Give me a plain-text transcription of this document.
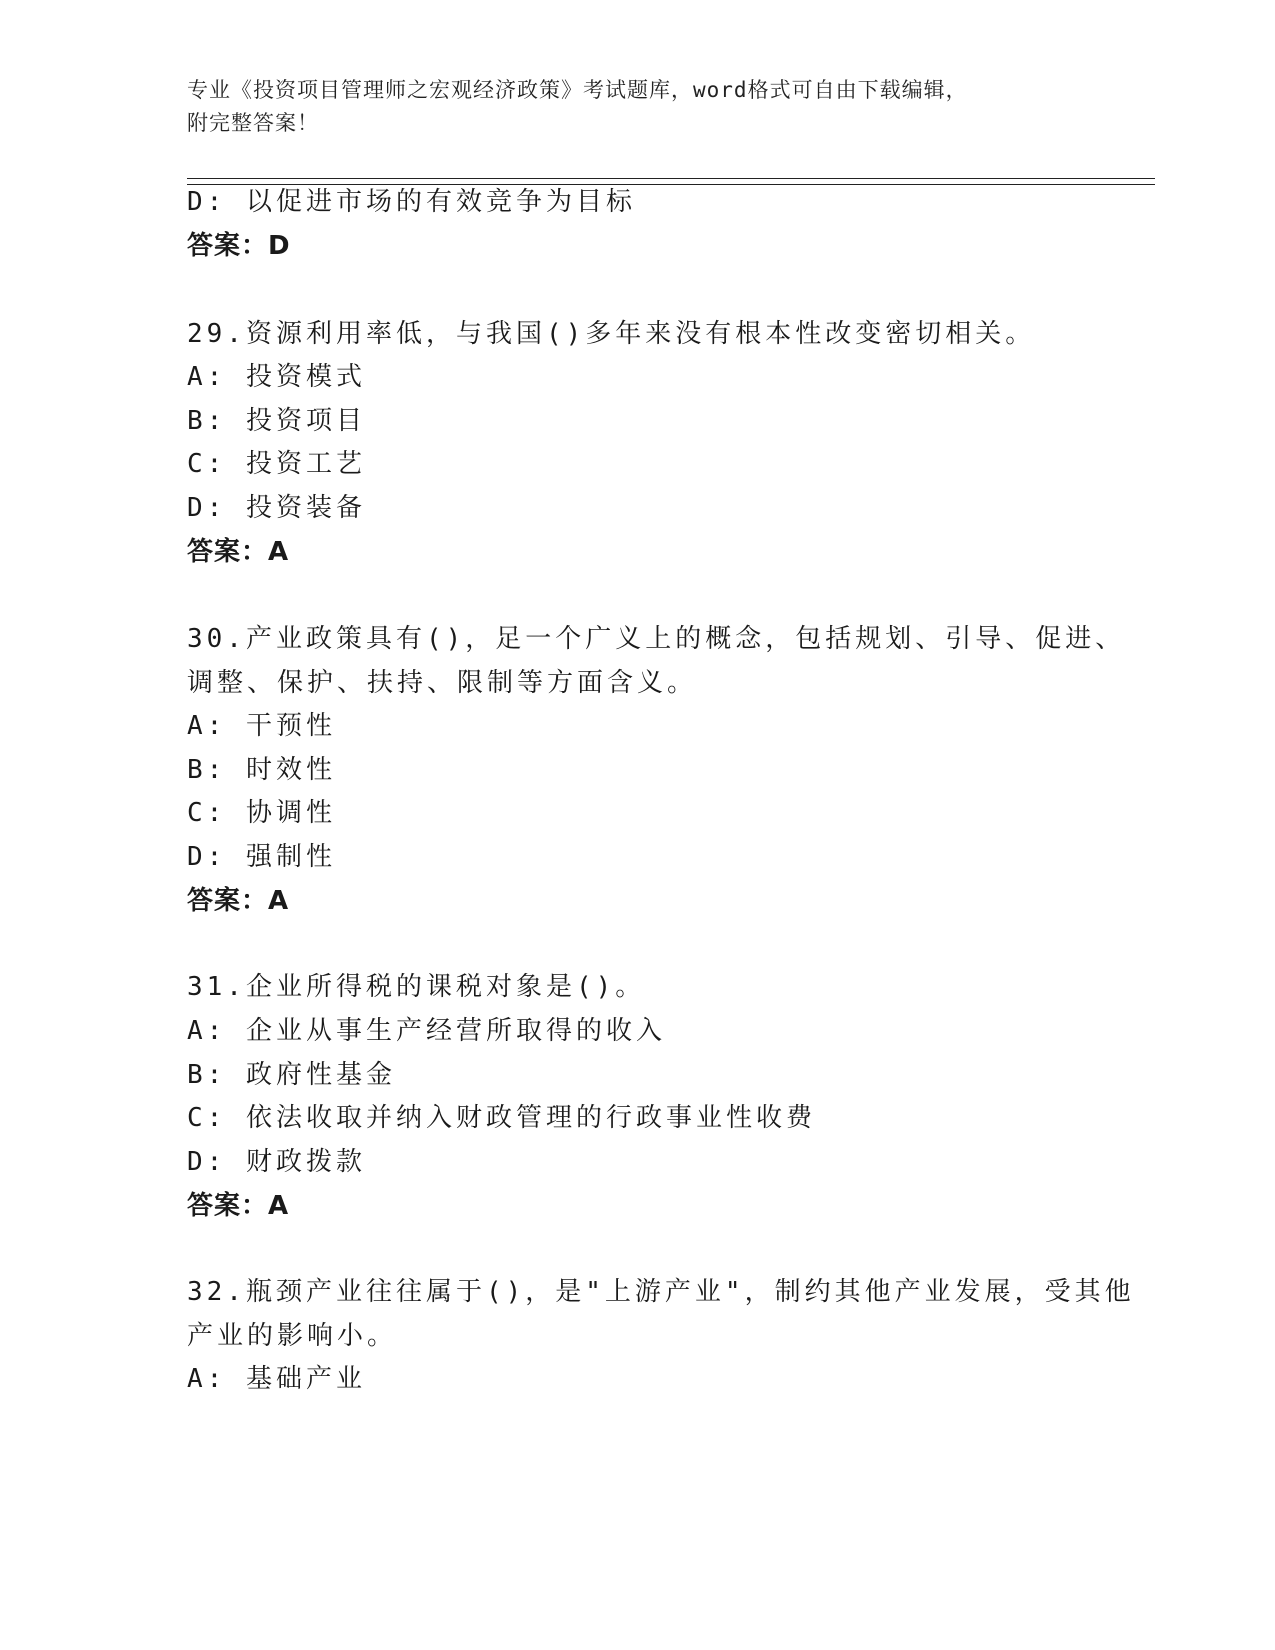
专业《投资项目管理师之宏观经济政策》考试题库，word格式可自由下载编辑，
附完整答案！
D: 以促进市场的有效竞争为目标
答案：D
29.资源利用率低，与我国()多年来没有根本性改变密切相关。
A: 投资模式
B: 投资项目
C: 投资工艺
D: 投资装备
答案：A
30.产业政策具有()，足一个广义上的概念，包括规划、引导、促进、
调整、保护、扶持、限制等方面含义。
A: 干预性
B: 时效性
C: 协调性
D: 强制性
答案：A
31.企业所得税的课税对象是()。
A: 企业从事生产经营所取得的收入
B: 政府性基金
C: 依法收取并纳入财政管理的行政事业性收费
D: 财政拨款
答案：A
32.瓶颈产业往往属于()，是"上游产业"，制约其他产业发展，受其他
产业的影响小。
A: 基础产业
